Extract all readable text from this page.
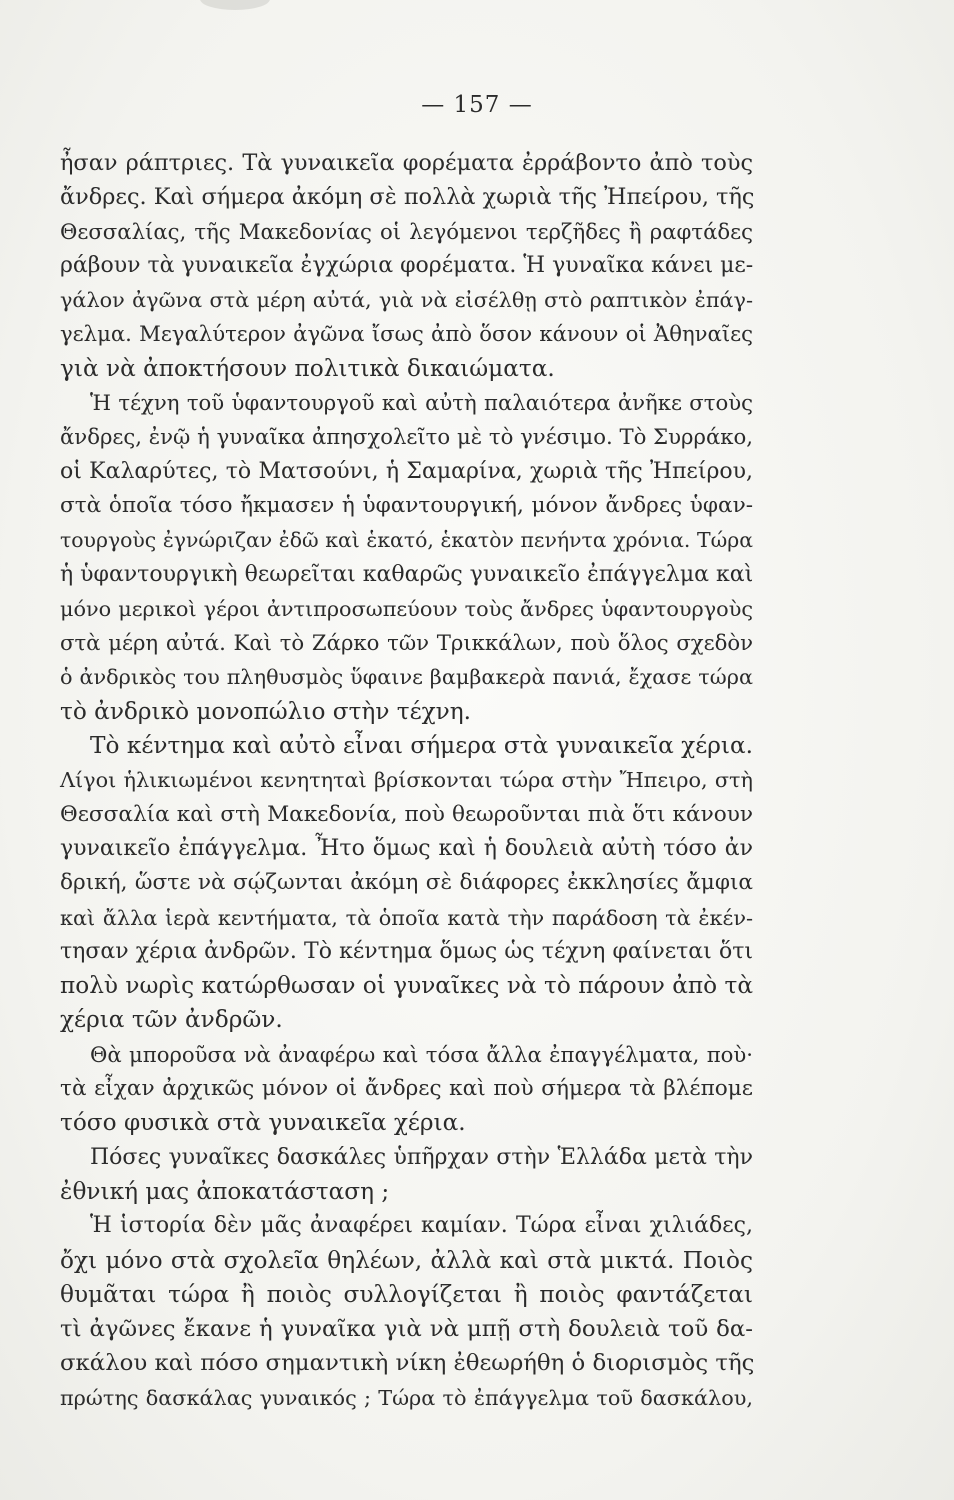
— 157 —
ἦσαν ράπτριες. Τὰ γυναικεῖα φορέματα ἐρράβοντο ἀπὸ τοὺς
ἄνδρες. Καὶ σήμερα ἀκόμη σὲ πολλὰ χωριὰ τῆς Ἠπείρου, τῆς
Θεσσαλίας, τῆς Μακεδονίας οἱ λεγόμενοι τερζῆδες ἢ ραφτάδες
ράβουν τὰ γυναικεῖα ἐγχώρια φορέματα. Ἡ γυναῖκα κάνει με-
γάλον ἀγῶνα στὰ μέρη αὐτά, γιὰ νὰ εἰσέλθῃ στὸ ραπτικὸν ἐπάγ-
γελμα. Μεγαλύτερον ἀγῶνα ἴσως ἀπὸ ὅσον κάνουν οἱ Ἀθηναῖες
γιὰ νὰ ἀποκτήσουν πολιτικὰ δικαιώματα.
Ἡ τέχνη τοῦ ὑφαντουργοῦ καὶ αὐτὴ παλαιότερα ἀνῆκε στοὺς
ἄνδρες, ἐνῷ ἡ γυναῖκα ἀπησχολεῖτο μὲ τὸ γνέσιμο. Τὸ Συρράκο,
οἱ Καλαρύτες, τὸ Ματσούνι, ἡ Σαμαρίνα, χωριὰ τῆς Ἠπείρου,
στὰ ὁποῖα τόσο ἤκμασεν ἡ ὑφαντουργική, μόνον ἄνδρες ὑφαν-
τουργοὺς ἐγνώριζαν ἐδῶ καὶ ἑκατό, ἑκατὸν πενήντα χρόνια. Τώρα
ἡ ὑφαντουργικὴ θεωρεῖται καθαρῶς γυναικεῖο ἐπάγγελμα καὶ
μόνο μερικοὶ γέροι ἀντιπροσωπεύουν τοὺς ἄνδρες ὑφαντουργοὺς
στὰ μέρη αὐτά. Καὶ τὸ Ζάρκο τῶν Τρικκάλων, ποὺ ὅλος σχεδὸν
ὁ ἀνδρικὸς του πληθυσμὸς ὕφαινε βαμβακερὰ πανιά, ἔχασε τώρα
τὸ ἀνδρικὸ μονοπώλιο στὴν τέχνη.
Τὸ κέντημα καὶ αὐτὸ εἶναι σήμερα στὰ γυναικεῖα χέρια.
Λίγοι ἡλικιωμένοι κενητηταὶ βρίσκονται τώρα στὴν Ἤπειρο, στὴ
Θεσσαλία καὶ στὴ Μακεδονία, ποὺ θεωροῦνται πιὰ ὅτι κάνουν
γυναικεῖο ἐπάγγελμα. Ἦτο ὅμως καὶ ἡ δουλειὰ αὐτὴ τόσο ἀν
δρική, ὥστε νὰ σῴζωνται ἀκόμη σὲ διάφορες ἐκκλησίες ἄμφια
καὶ ἄλλα ἱερὰ κεντήματα, τὰ ὁποῖα κατὰ τὴν παράδοση τὰ ἐκέν-
τησαν χέρια ἀνδρῶν. Τὸ κέντημα ὅμως ὡς τέχνη φαίνεται ὅτι
πολὺ νωρὶς κατώρθωσαν οἱ γυναῖκες νὰ τὸ πάρουν ἀπὸ τὰ
χέρια τῶν ἀνδρῶν.
Θὰ μποροῦσα νὰ ἀναφέρω καὶ τόσα ἄλλα ἐπαγγέλματα, ποὺ·
τὰ εἶχαν ἀρχικῶς μόνον οἱ ἄνδρες καὶ ποὺ σήμερα τὰ βλέπομε
τόσο φυσικὰ στὰ γυναικεῖα χέρια.
Πόσες γυναῖκες δασκάλες ὑπῆρχαν στὴν Ἑλλάδα μετὰ τὴν
ἐθνική μας ἀποκατάσταση ;
Ἡ ἱστορία δὲν μᾶς ἀναφέρει καμίαν. Τώρα εἶναι χιλιάδες,
ὄχι μόνο στὰ σχολεῖα θηλέων, ἀλλὰ καὶ στὰ μικτά. Ποιὸς
θυμᾶται τώρα ἢ ποιὸς συλλογίζεται ἢ ποιὸς φαντάζεται
τὶ ἀγῶνες ἔκανε ἡ γυναῖκα γιὰ νὰ μπῇ στὴ δουλειὰ τοῦ δα-
σκάλου καὶ πόσο σημαντικὴ νίκη ἐθεωρήθη ὁ διορισμὸς τῆς
πρώτης δασκάλας γυναικός ; Τώρα τὸ ἐπάγγελμα τοῦ δασκάλου,
